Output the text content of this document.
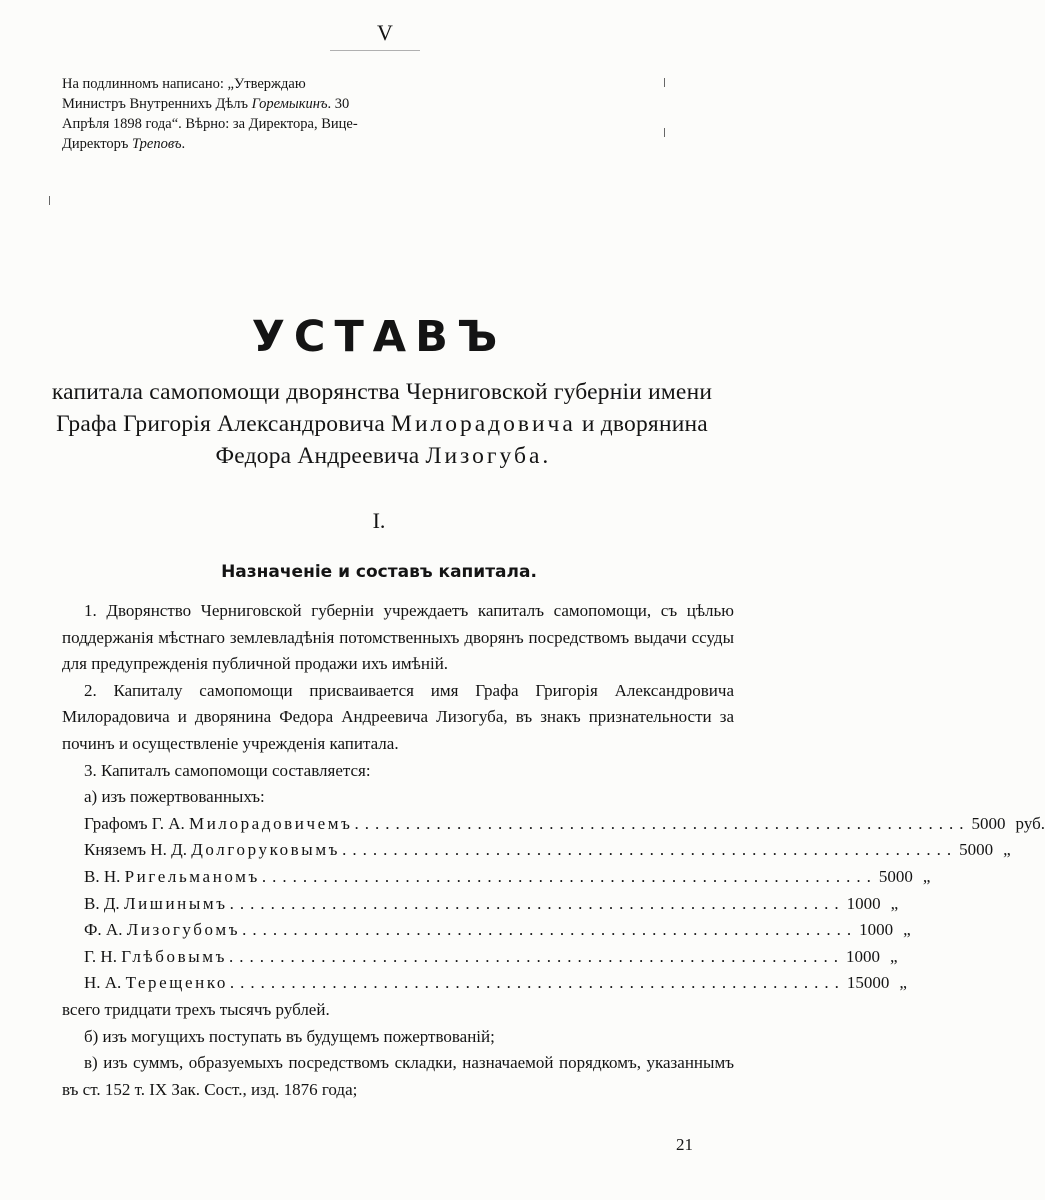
V
На подлинномъ написано: „Утверждаю Министръ Внутреннихъ Дѣлъ Горемыкинъ. 30 Апрѣля 1898 года“. Вѣрно: за Директора, Вице-Директоръ Треповъ.
УСТАВЪ
капитала самопомощи дворянства Черниговской губерніи имени
Графа Григорія Александровича Милорадовича и дворянина
Федора Андреевича Лизогуба.
I.
Назначеніе и составъ капитала.

1. Дворянство Черниговской губерніи учреждаетъ капиталъ самопомощи, съ цѣлью поддержанія мѣстнаго землевладѣнія потомственныхъ дворянъ посредствомъ выдачи ссуды для предупрежденія публичной продажи ихъ имѣній.

2. Капиталу самопомощи присваивается имя Графа Григорія Александровича Милорадовича и дворянина Федора Андреевича Лизогуба, въ знакъ признательности за починъ и осуществленіе учрежденія капитала.

3. Капиталъ самопомощи составляется:

а) изъ пожертвованныхъ:

Графомъ Г. А. Милорадовичемъ ............................................................ 5000 руб.
Княземъ Н. Д. Долгоруковымъ ............................................................ 5000 „
В. Н. Ригельманомъ ............................................................ 5000 „
В. Д. Лишинымъ ............................................................ 1000 „
Ф. А. Лизогубомъ ............................................................ 1000 „
Г. Н. Глѣбовымъ ............................................................ 1000 „
Н. А. Терещенко ............................................................ 15000 „

всего тридцати трехъ тысячъ рублей.

б) изъ могущихъ поступать въ будущемъ пожертвованій;

в) изъ суммъ, образуемыхъ посредствомъ складки, назначаемой порядкомъ, указаннымъ въ ст. 152 т. IX Зак. Сост., изд. 1876 года;

21
